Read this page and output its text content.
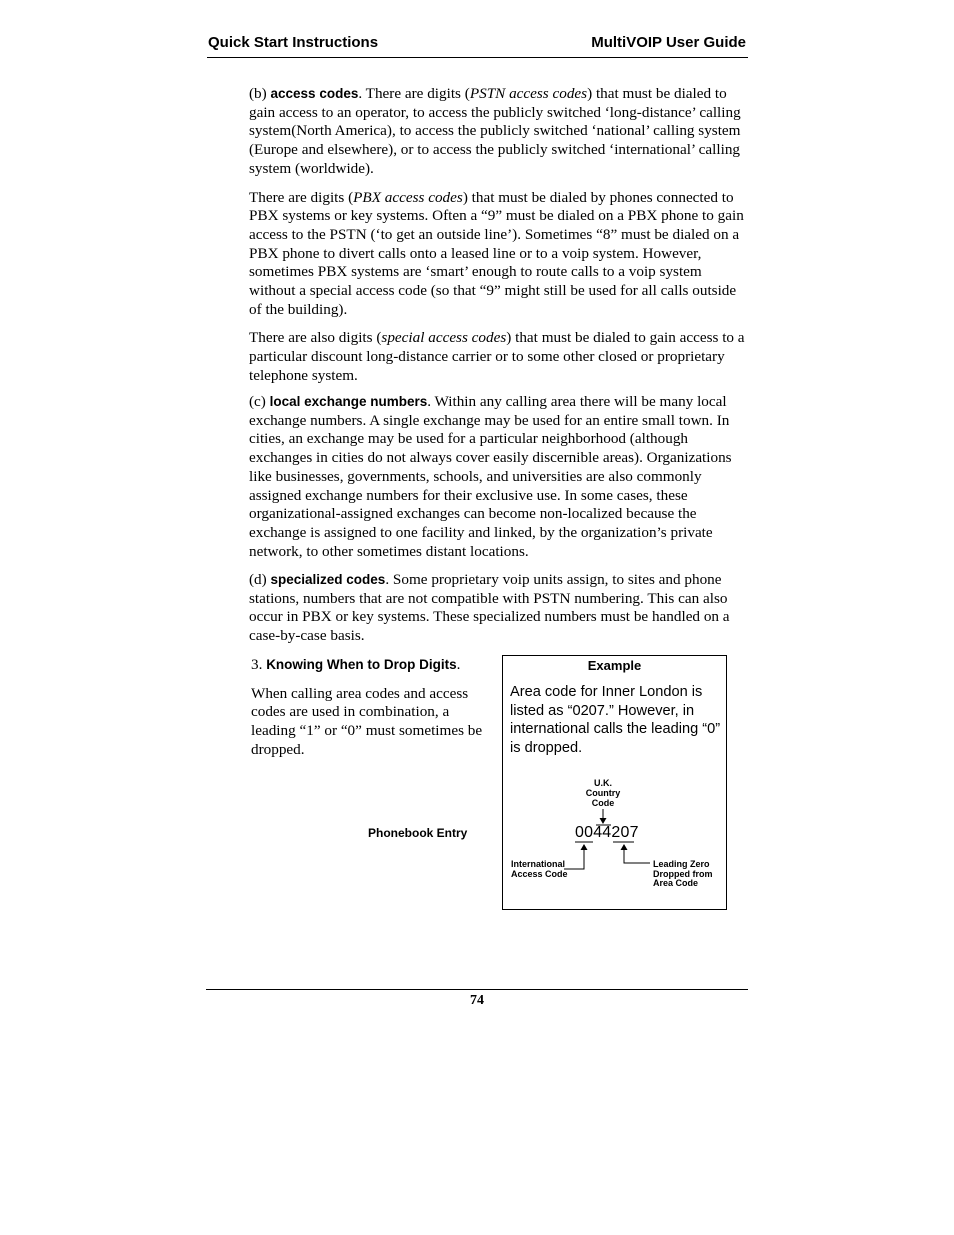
Quick Start Instructions	MultiVOIP User Guide

(b) access codes. There are digits (PSTN access codes) that must be dialed to gain access to an operator, to access the publicly switched ‘long-distance’ calling system(North America), to access the publicly switched ‘national’ calling system (Europe and elsewhere), or to access the publicly switched ‘international’ calling system (worldwide).

There are digits (PBX access codes) that must be dialed by phones connected to PBX systems or key systems. Often a “9” must be dialed on a PBX phone to gain access to the PSTN (‘to get an outside line’). Sometimes “8” must be dialed on a PBX phone to divert calls onto a leased line or to a voip system. However, sometimes PBX systems are ‘smart’ enough to route calls to a voip system without a special access code (so that “9” might still be used for all calls outside of the building).

There are also digits (special access codes) that must be dialed to gain access to a particular discount long-distance carrier or to some other closed or proprietary telephone system.

(c) local exchange numbers. Within any calling area there will be many local exchange numbers. A single exchange may be used for an entire small town. In cities, an exchange may be used for a particular neighborhood (although exchanges in cities do not always cover easily discernible areas). Organizations like businesses, governments, schools, and universities are also commonly assigned exchange numbers for their exclusive use. In some cases, these organizational-assigned exchanges can become non-localized because the exchange is assigned to one facility and linked, by the organization’s private network, to other sometimes distant locations.

(d) specialized codes. Some proprietary voip units assign, to sites and phone stations, numbers that are not compatible with PSTN numbering. This can also occur in PBX or key systems. These specialized numbers must be handled on a case-by-case basis.

3. Knowing When to Drop Digits.

When calling area codes and access codes are used in combination, a leading “1” or “0” must sometimes be dropped.

Phonebook Entry
Example
Area code for Inner London is listed as “0207.” However, in international calls the leading “0” is dropped.
U.K.
Country
Code
0044207
International
Access Code
Leading Zero
Dropped from
Area Code
74
